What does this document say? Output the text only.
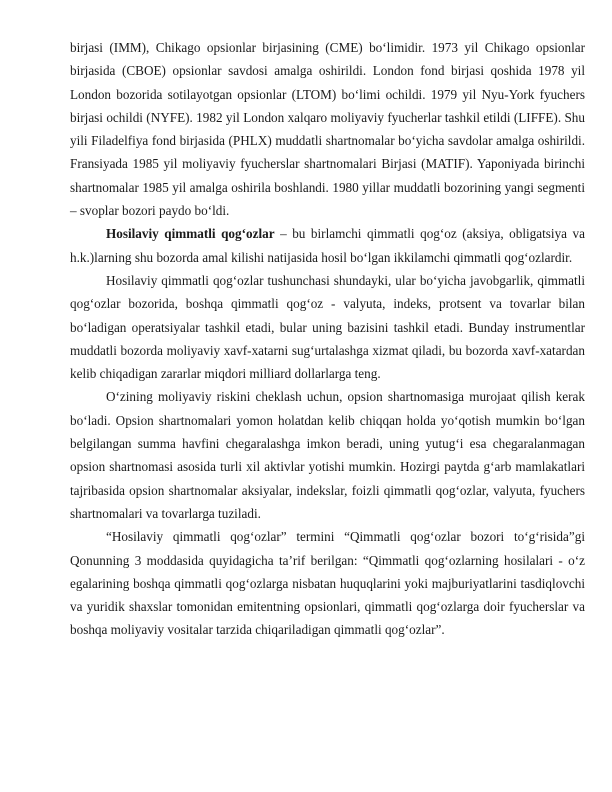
birjasi (IMM), Chikago opsionlar birjasining (CME) bo‘limidir. 1973 yil Chikago opsionlar birjasida (CBOE) opsionlar savdosi amalga oshirildi. London fond birjasi qoshida 1978 yil London bozorida sotilayotgan opsionlar (LTOM) bo‘limi ochildi. 1979 yil Nyu-York fyuchers birjasi ochildi (NYFE). 1982 yil London xalqaro moliyaviy fyucherlar tashkil etildi (LIFFE). Shu yili Filadelfiya fond birjasida (PHLX) muddatli shartnomalar bo‘yicha savdolar amalga oshirildi. Fransiyada 1985 yil moliyaviy fyucherslar shartnomalari Birjasi (MATIF). Yaponiyada birinchi shartnomalar 1985 yil amalga oshirila boshlandi. 1980 yillar muddatli bozorining yangi segmenti – svoplar bozori paydo bo‘ldi.

Hosilaviy qimmatli qog‘ozlar – bu birlamchi qimmatli qog‘oz (aksiya, obligatsiya va h.k.)larning shu bozorda amal kilishi natijasida hosil bo‘lgan ikkilamchi qimmatli qog‘ozlardir.

Hosilaviy qimmatli qog‘ozlar tushunchasi shundayki, ular bo‘yicha javobgarlik, qimmatli qog‘ozlar bozorida, boshqa qimmatli qog‘oz - valyuta, indeks, protsent va tovarlar bilan bo‘ladigan operatsiyalar tashkil etadi, bular uning bazisini tashkil etadi. Bunday instrumentlar muddatli bozorda moliyaviy xavf-xatarni sug‘urtalashga xizmat qiladi, bu bozorda xavf-xatardan kelib chiqadigan zararlar miqdori milliard dollarlarga teng.

O‘zining moliyaviy riskini cheklash uchun, opsion shartnomasiga murojaat qilish kerak bo‘ladi. Opsion shartnomalari yomon holatdan kelib chiqqan holda yo‘qotish mumkin bo‘lgan belgilangan summa havfini chegaralashga imkon beradi, uning yutug‘i esa chegaralanmagan opsion shartnomasi asosida turli xil aktivlar yotishi mumkin. Hozirgi paytda g‘arb mamlakatlari tajribasida opsion shartnomalar aksiyalar, indekslar, foizli qimmatli qog‘ozlar, valyuta, fyuchers shartnomalari va tovarlarga tuziladi.

“Hosilaviy qimmatli qog‘ozlar” termini “Qimmatli qog‘ozlar bozori to‘g‘risida”gi Qonunning 3 moddasida quyidagicha ta’rif berilgan: “Qimmatli qog‘ozlarning hosilalari - o‘z egalarining boshqa qimmatli qog‘ozlarga nisbatan huquqlarini yoki majburiyatlarini tasdiqlovchi va yuridik shaxslar tomonidan emitentning opsionlari, qimmatli qog‘ozlarga doir fyucherslar va boshqa moliyaviy vositalar tarzida chiqariladigan qimmatli qog‘ozlar”.
